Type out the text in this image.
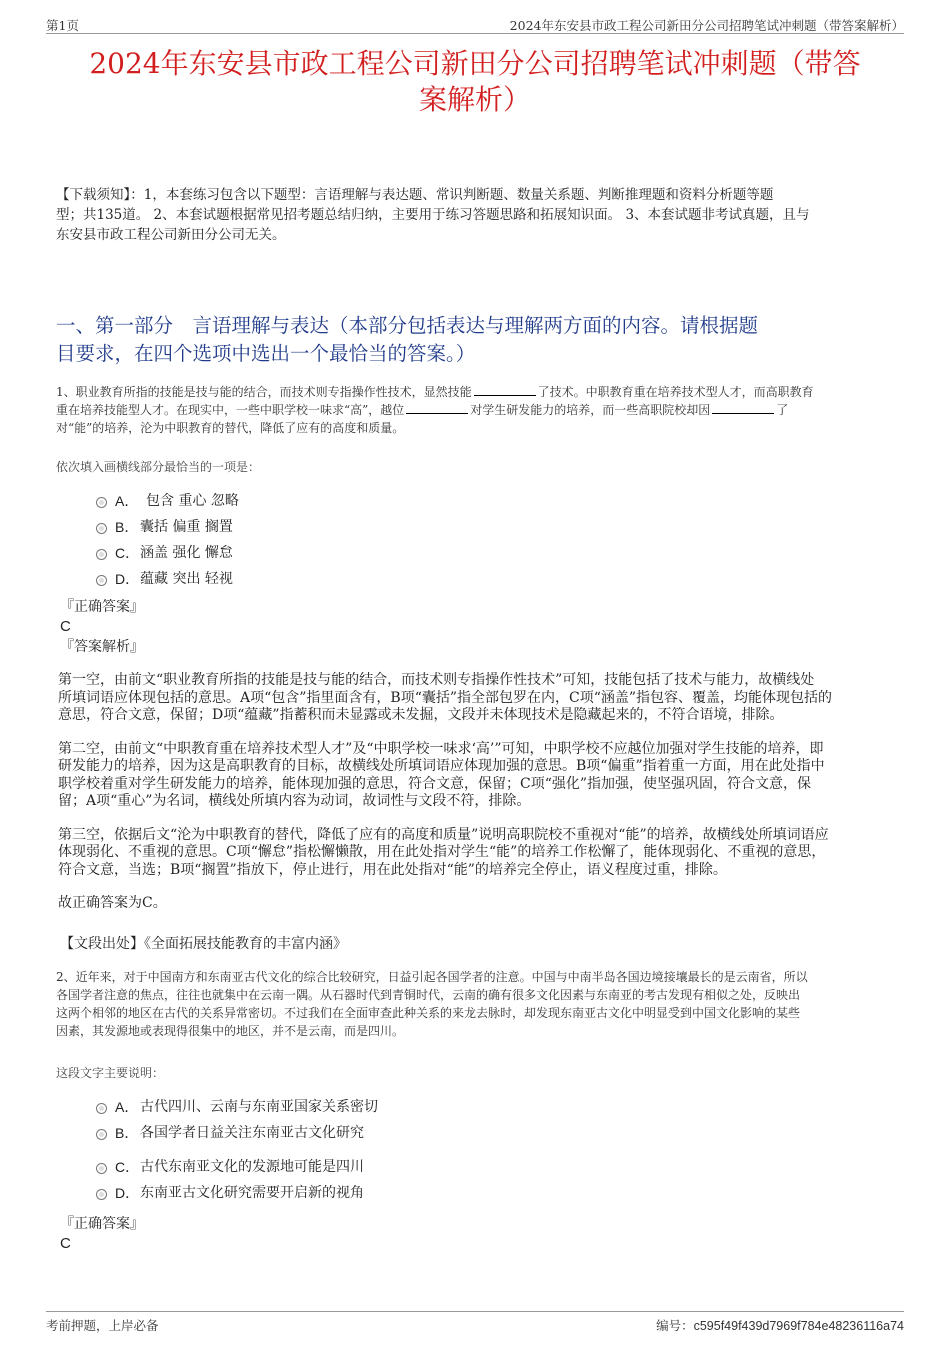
第1页	2024年东安县市政工程公司新田分公司招聘笔试冲刺题（带答案解析）
2024年东安县市政工程公司新田分公司招聘笔试冲刺题（带答
案解析）
【下载须知】：1，本套练习包含以下题型：言语理解与表达题、常识判断题、数量关系题、判断推理题和资料分析题等题
型；共135道。 2、本套试题根据常见招考题总结归纳，主要用于练习答题思路和拓展知识面。 3、本套试题非考试真题，且与
东安县市政工程公司新田分公司无关。
一、第一部分　言语理解与表达（本部分包括表达与理解两方面的内容。请根据题
目要求，在四个选项中选出一个最恰当的答案。）
1、职业教育所指的技能是技与能的结合，而技术则专指操作性技术，显然技能	了技术。中职教育重在培养技术型人才，而高职教育
重在培养技能型人才。在现实中，一些中职学校一味求“高”，越位	对学生研发能力的培养，而一些高职院校却因	了
对“能”的培养，沦为中职教育的替代，降低了应有的高度和质量。
依次填入画横线部分最恰当的一项是：
A． 包含 重心 忽略
B． 囊括 偏重 搁置
C． 涵盖 强化 懈怠
D． 蕴藏 突出 轻视
『正确答案』
C
『答案解析』

第一空，由前文“职业教育所指的技能是技与能的结合，而技术则专指操作性技术”可知，技能包括了技术与能力，故横线处
所填词语应体现包括的意思。A项“包含”指里面含有，B项“囊括”指全部包罗在内，C项“涵盖”指包容、覆盖，均能体现包括的
意思，符合文意，保留；D项“蕴藏”指蓄积而未显露或未发掘，文段并未体现技术是隐藏起来的，不符合语境，排除。

第二空，由前文“中职教育重在培养技术型人才”及“中职学校一味求‘高’”可知，中职学校不应越位加强对学生技能的培养，即
研发能力的培养，因为这是高职教育的目标，故横线处所填词语应体现加强的意思。B项“偏重”指着重一方面，用在此处指中
职学校着重对学生研发能力的培养，能体现加强的意思，符合文意，保留；C项“强化”指加强，使坚强巩固，符合文意，保
留；A项“重心”为名词，横线处所填内容为动词，故词性与文段不符，排除。

第三空，依据后文“沦为中职教育的替代，降低了应有的高度和质量”说明高职院校不重视对“能”的培养，故横线处所填词语应
体现弱化、不重视的意思。C项“懈怠”指松懈懒散，用在此处指对学生“能”的培养工作松懈了，能体现弱化、不重视的意思，
符合文意，当选；B项“搁置”指放下，停止进行，用在此处指对“能”的培养完全停止，语义程度过重，排除。

故正确答案为C。

【文段出处】《全面拓展技能教育的丰富内涵》
2、近年来，对于中国南方和东南亚古代文化的综合比较研究，日益引起各国学者的注意。中国与中南半岛各国边境接壤最长的是云南省，所以
各国学者注意的焦点，往往也就集中在云南一隅。从石器时代到青铜时代，云南的确有很多文化因素与东南亚的考古发现有相似之处，反映出
这两个相邻的地区在古代的关系异常密切。不过我们在全面审查此种关系的来龙去脉时，却发现东南亚古文化中明显受到中国文化影响的某些
因素，其发源地或表现得很集中的地区，并不是云南，而是四川。
这段文字主要说明：
A． 古代四川、云南与东南亚国家关系密切
B． 各国学者日益关注东南亚古文化研究
C． 古代东南亚文化的发源地可能是四川
D． 东南亚古文化研究需要开启新的视角
『正确答案』
C
考前押题，上岸必备	编号：c595f49f439d7969f784e48236116a74
